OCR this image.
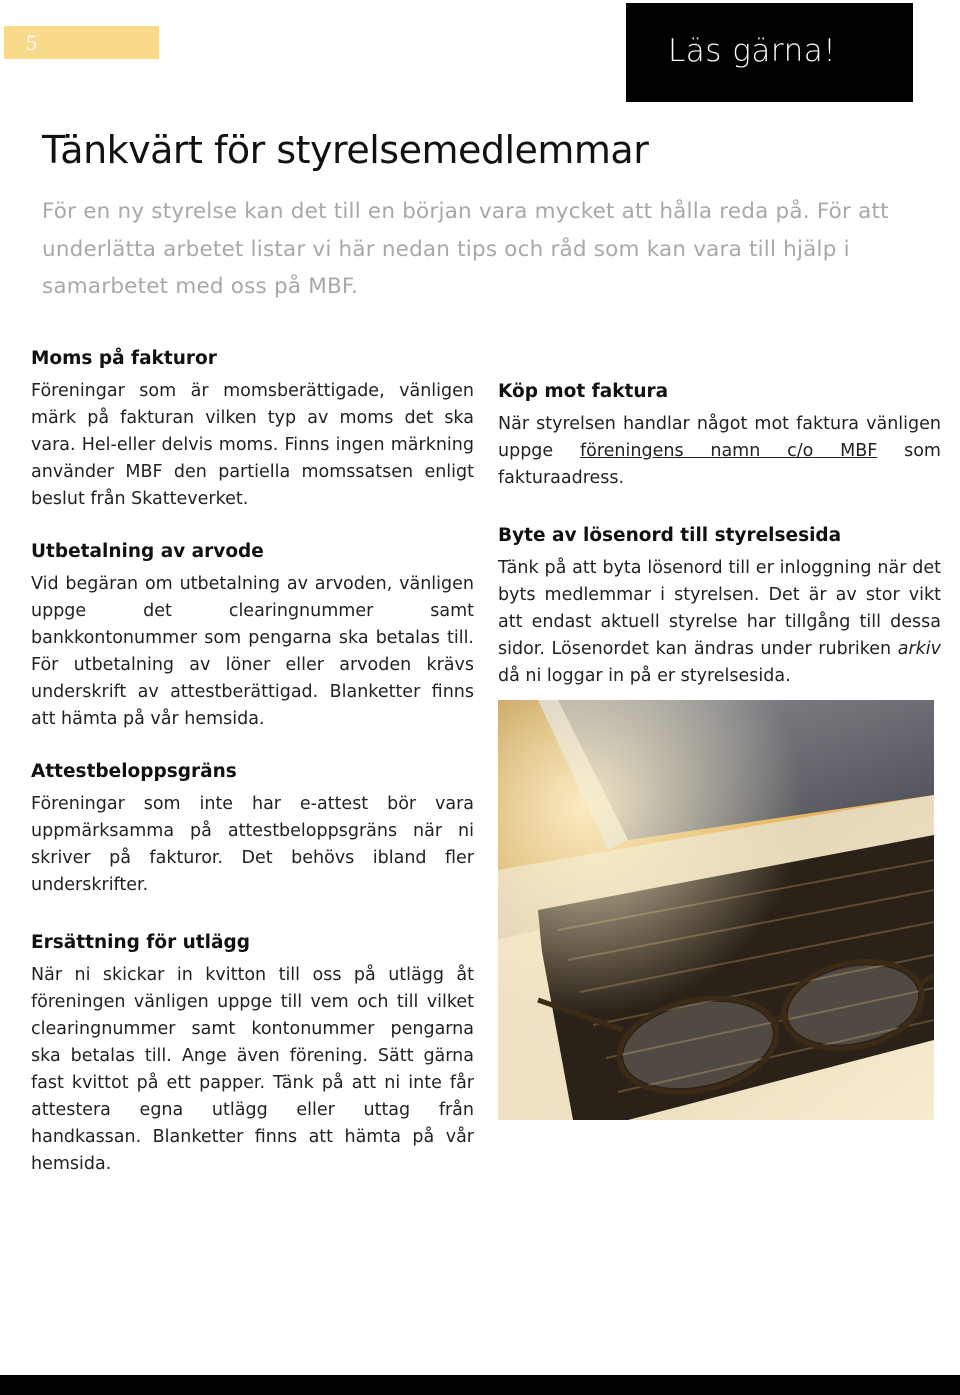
5	Läs gärna!
Tänkvärt för styrelsemedlemmar

För en ny styrelse kan det till en början vara mycket att hålla reda på. För att underlätta arbetet listar vi här nedan tips och råd som kan vara till hjälp i samarbetet med oss på MBF.

Moms på fakturor

Föreningar som är momsberättigade, vänligen märk på fakturan vilken typ av moms det ska vara. Hel-eller delvis moms. Finns ingen märkning använder MBF den partiella momssatsen enligt beslut från Skatteverket.

Utbetalning av arvode

Vid begäran om utbetalning av arvoden, vänligen uppge det clearingnummer samt bankkontonummer som pengarna ska betalas till. För utbetalning av löner eller arvoden krävs underskrift av attestberättigad. Blanketter finns att hämta på vår hemsida.

Attestbeloppsgräns

Föreningar som inte har e-attest bör vara uppmärksamma på attestbeloppsgräns när ni skriver på fakturor. Det behövs ibland fler underskrifter.

Ersättning för utlägg

När ni skickar in kvitton till oss på utlägg åt föreningen vänligen uppge till vem och till vilket clearingnummer samt kontonummer pengarna ska betalas till. Ange även förening. Sätt gärna fast kvittot på ett papper. Tänk på att ni inte får attestera egna utlägg eller uttag från handkassan. Blanketter finns att hämta på vår hemsida.

Köp mot faktura

När styrelsen handlar något mot faktura vänligen uppge föreningens namn c/o MBF som fakturaadress.

Byte av lösenord till styrelsesida

Tänk på att byta lösenord till er inloggning när det byts medlemmar i styrelsen. Det är av stor vikt att endast aktuell styrelse har tillgång till dessa sidor. Lösenordet kan ändras under rubriken arkiv då ni loggar in på er styrelsesida.
